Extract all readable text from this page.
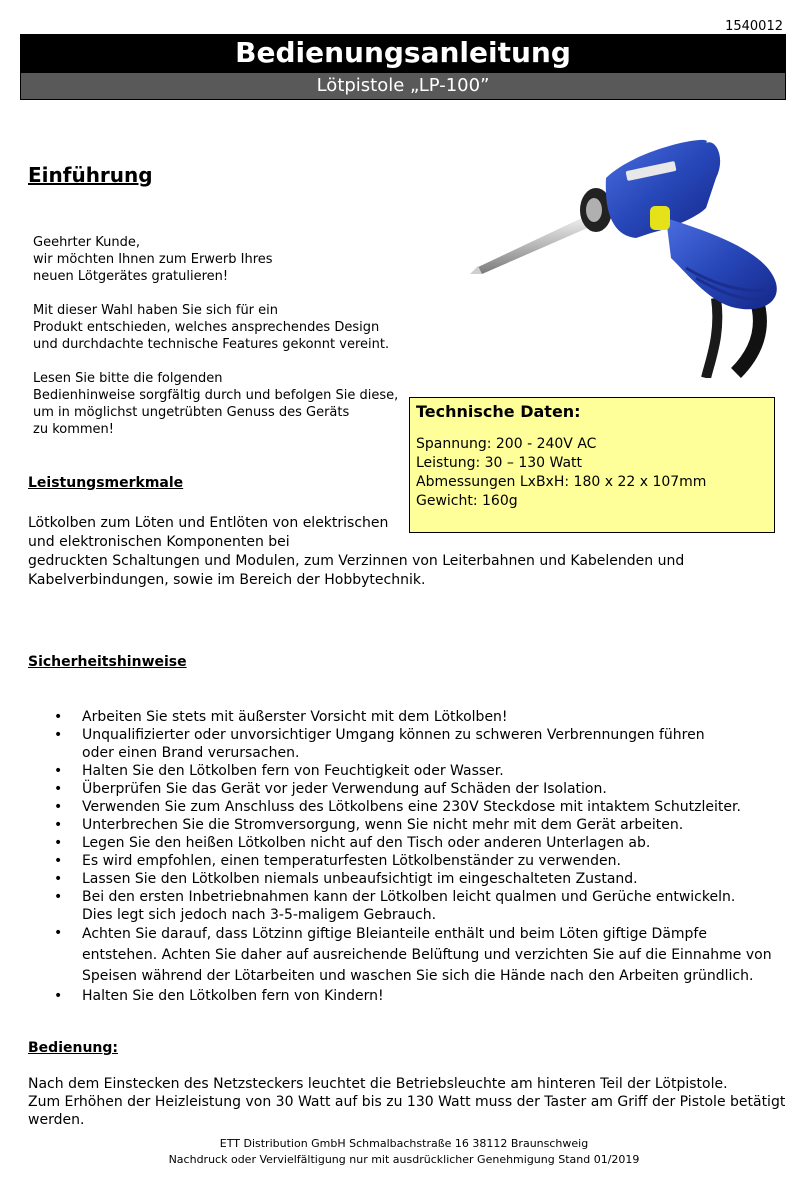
1540012
Bedienungsanleitung
Lötpistole „LP-100”
Einführung

Geehrter Kunde,
wir möchten Ihnen zum Erwerb Ihres
neuen Lötgerätes gratulieren!

Mit dieser Wahl haben Sie sich für ein
Produkt entschieden, welches ansprechendes Design
und durchdachte technische Features gekonnt vereint.

Lesen Sie bitte die folgenden
Bedienhinweise sorgfältig durch und befolgen Sie diese,
um in möglichst ungetrübten Genuss des Geräts
zu kommen!

Technische Daten:
Spannung: 200 - 240V AC
Leistung: 30 – 130 Watt
Abmessungen LxBxH: 180 x 22 x 107mm
Gewicht: 160g
Leistungsmerkmale
Lötkolben zum Löten und Entlöten von elektrischen
und elektronischen Komponenten bei
gedruckten Schaltungen und Modulen, zum Verzinnen von Leiterbahnen und Kabelenden und
Kabelverbindungen, sowie im Bereich der Hobbytechnik.
Sicherheitshinweise
• Arbeiten Sie stets mit äußerster Vorsicht mit dem Lötkolben!
• Unqualifizierter oder unvorsichtiger Umgang können zu schweren Verbrennungen führen
oder einen Brand verursachen.
• Halten Sie den Lötkolben fern von Feuchtigkeit oder Wasser.
• Überprüfen Sie das Gerät vor jeder Verwendung auf Schäden der Isolation.
• Verwenden Sie zum Anschluss des Lötkolbens eine 230V Steckdose mit intaktem Schutzleiter.
• Unterbrechen Sie die Stromversorgung, wenn Sie nicht mehr mit dem Gerät arbeiten.
• Legen Sie den heißen Lötkolben nicht auf den Tisch oder anderen Unterlagen ab.
• Es wird empfohlen, einen temperaturfesten Lötkolbenständer zu verwenden.
• Lassen Sie den Lötkolben niemals unbeaufsichtigt im eingeschalteten Zustand.
• Bei den ersten Inbetriebnahmen kann der Lötkolben leicht qualmen und Gerüche entwickeln.
Dies legt sich jedoch nach 3-5-maligem Gebrauch.
• Achten Sie darauf, dass Lötzinn giftige Bleianteile enthält und beim Löten giftige Dämpfe
entstehen. Achten Sie daher auf ausreichende Belüftung und verzichten Sie auf die Einnahme von
Speisen während der Lötarbeiten und waschen Sie sich die Hände nach den Arbeiten gründlich.
• Halten Sie den Lötkolben fern von Kindern!
Bedienung:
Nach dem Einstecken des Netzsteckers leuchtet die Betriebsleuchte am hinteren Teil der Lötpistole.
Zum Erhöhen der Heizleistung von 30 Watt auf bis zu 130 Watt muss der Taster am Griff der Pistole betätigt
werden.
ETT Distribution GmbH Schmalbachstraße 16 38112 Braunschweig
Nachdruck oder Vervielfältigung nur mit ausdrücklicher Genehmigung Stand 01/2019
